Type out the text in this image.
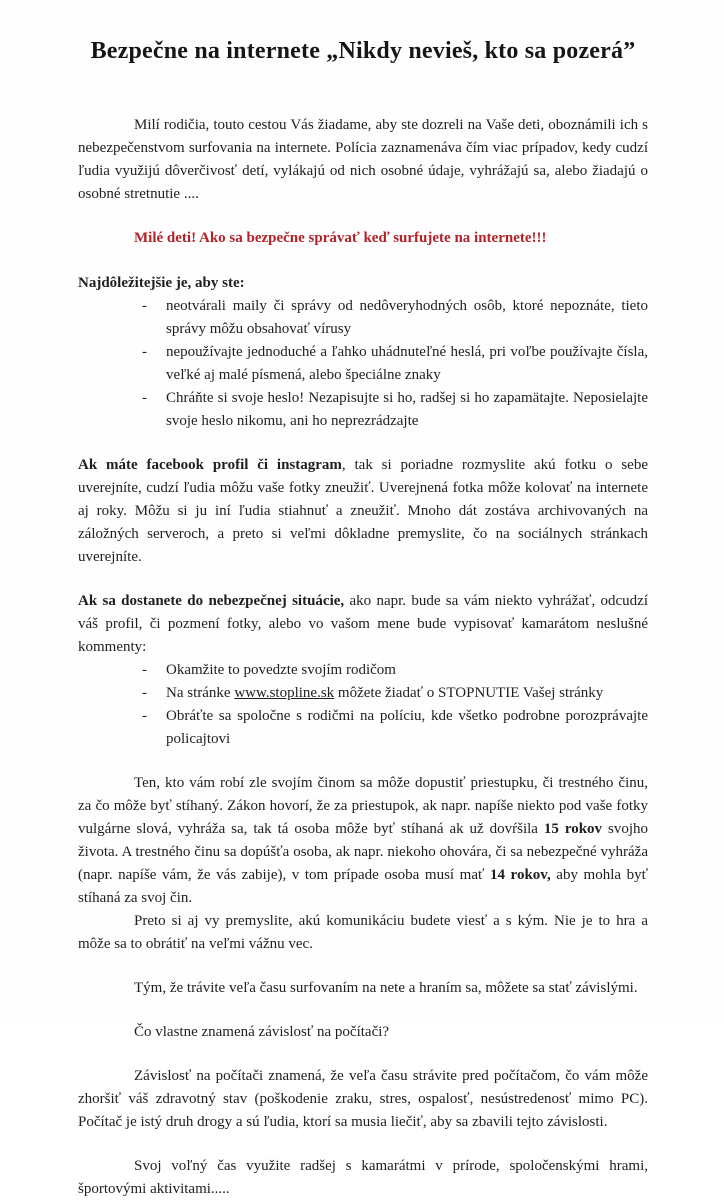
Bezpečne na internete „Nikdy nevieš, kto sa pozerá”

Milí rodičia, touto cestou Vás žiadame, aby ste dozreli na Vaše deti, oboznámili ich s nebezpečenstvom surfovania na internete. Polícia zaznamenáva čím viac prípadov, kedy cudzí ľudia využijú dôverčivosť detí, vylákajú od nich osobné údaje, vyhrážajú sa, alebo žiadajú o osobné stretnutie ....

Milé deti! Ako sa bezpečne správať keď surfujete na internete!!!

Najdôležitejšie je, aby ste:

- neotvárali maily či správy od nedôveryhodných osôb, ktoré nepoznáte, tieto správy môžu obsahovať vírusy
- nepoužívajte jednoduché a ľahko uhádnuteľné heslá, pri voľbe používajte čísla, veľké aj malé písmená, alebo špeciálne znaky
- Chráňte si svoje heslo! Nezapisujte si ho, radšej si ho zapamätajte. Neposielajte svoje heslo nikomu, ani ho neprezrádzajte

Ak máte facebook profil či instagram, tak si poriadne rozmyslite akú fotku o sebe uverejníte, cudzí ľudia môžu vaše fotky zneužiť. Uverejnená fotka môže kolovať na internete aj roky. Môžu si ju iní ľudia stiahnuť a zneužiť. Mnoho dát zostáva archivovaných na záložných serveroch, a preto si veľmi dôkladne premyslite, čo na sociálnych stránkach uverejníte.

Ak sa dostanete do nebezpečnej situácie, ako napr. bude sa vám niekto vyhrážať, odcudzí váš profil, či pozmení fotky, alebo vo vašom mene bude vypisovať kamarátom neslušné kommenty:

- Okamžite to povedzte svojím rodičom
- Na stránke www.stopline.sk môžete žiadať o STOPNUTIE Vašej stránky
- Obráťte sa spoločne s rodičmi na políciu, kde všetko podrobne porozprávajte policajtovi

Ten, kto vám robí zle svojím činom sa môže dopustiť priestupku, či trestného činu, za čo môže byť stíhaný. Zákon hovorí, že za priestupok, ak napr. napíše niekto pod vaše fotky vulgárne slová, vyhráža sa, tak tá osoba môže byť stíhaná ak už dovŕšila 15 rokov svojho života. A trestného činu sa dopúšťa osoba, ak napr. niekoho ohovára, či sa nebezpečné vyhráža (napr. napíše vám, že vás zabije), v tom prípade osoba musí mať 14 rokov, aby mohla byť stíhaná za svoj čin.

Preto si aj vy premyslite, akú komunikáciu budete viesť a s kým. Nie je to hra a môže sa to obrátiť na veľmi vážnu vec.

Tým, že trávite veľa času surfovaním na nete a hraním sa, môžete sa stať závislými.

Čo vlastne znamená závislosť na počítači?

Závislosť na počítači znamená, že veľa času strávite pred počítačom, čo vám môže zhoršiť váš zdravotný stav (poškodenie zraku, stres, ospalosť, nesústredenosť mimo PC). Počítač je istý druh drogy a sú ľudia, ktorí sa musia liečiť, aby sa zbavili tejto závislosti.

Svoj voľný čas využite radšej s kamarátmi v prírode, spoločenskými hrami, športovými aktivitami.....
